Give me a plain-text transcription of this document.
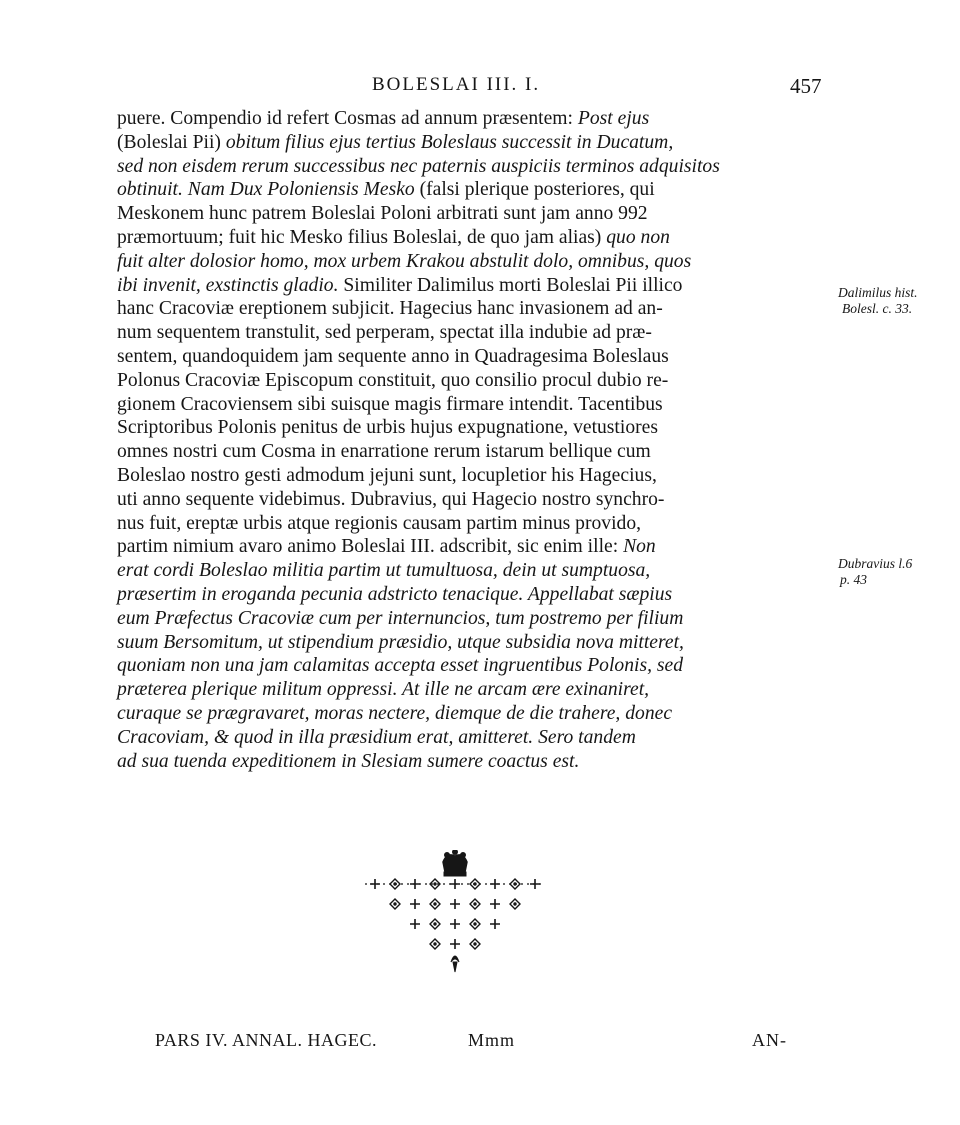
BOLESLAI III. I.	457
puere. Compendio id refert Cosmas ad annum præsentem: Post ejus
(Boleslai Pii) obitum filius ejus tertius Boleslaus successit in Ducatum,
sed non eisdem rerum successibus nec paternis auspiciis terminos adquisitos
obtinuit. Nam Dux Poloniensis Mesko (falsi plerique posteriores, qui
Meskonem hunc patrem Boleslai Poloni arbitrati sunt jam anno 992
præmortuum; fuit hic Mesko filius Boleslai, de quo jam alias) quo non
fuit alter dolosior homo, mox urbem Krakou abstulit dolo, omnibus, quos
ibi invenit, exstinctis gladio. Similiter Dalimilus morti Boleslai Pii illico
hanc Cracoviæ ereptionem subjicit. Hagecius hanc invasionem ad an-
num sequentem transtulit, sed perperam, spectat illa indubie ad præ-
sentem, quandoquidem jam sequente anno in Quadragesima Boleslaus
Polonus Cracoviæ Episcopum constituit, quo consilio procul dubio re-
gionem Cracoviensem sibi suisque magis firmare intendit. Tacentibus
Scriptoribus Polonis penitus de urbis hujus expugnatione, vetustiores
omnes nostri cum Cosma in enarratione rerum istarum bellique cum
Boleslao nostro gesti admodum jejuni sunt, locupletior his Hagecius,
uti anno sequente videbimus. Dubravius, qui Hagecio nostro synchro-
nus fuit, ereptæ urbis atque regionis causam partim minus provido,
partim nimium avaro animo Boleslai III. adscribit, sic enim ille: Non
erat cordi Boleslao militia partim ut tumultuosa, dein ut sumptuosa,
præsertim in eroganda pecunia adstricto tenacique. Appellabat sæpius
eum Præfectus Cracoviæ cum per internuncios, tum postremo per filium
suum Bersomitum, ut stipendium præsidio, utque subsidia nova mitteret,
quoniam non una jam calamitas accepta esset ingruentibus Polonis, sed
præterea plerique militum oppressi. At ille ne arcam ære exinaniret,
curaque se prægravaret, moras nectere, diemque de die trahere, donec
Cracoviam, & quod in illa præsidium erat, amitteret. Sero tandem
ad sua tuenda expeditionem in Slesiam sumere coactus est.
Dalimilus hist.
Bolesl. c. 33.
Dubravius l.6
p. 43
PARS IV. ANNAL. HAGEC.	Mmm	AN-
